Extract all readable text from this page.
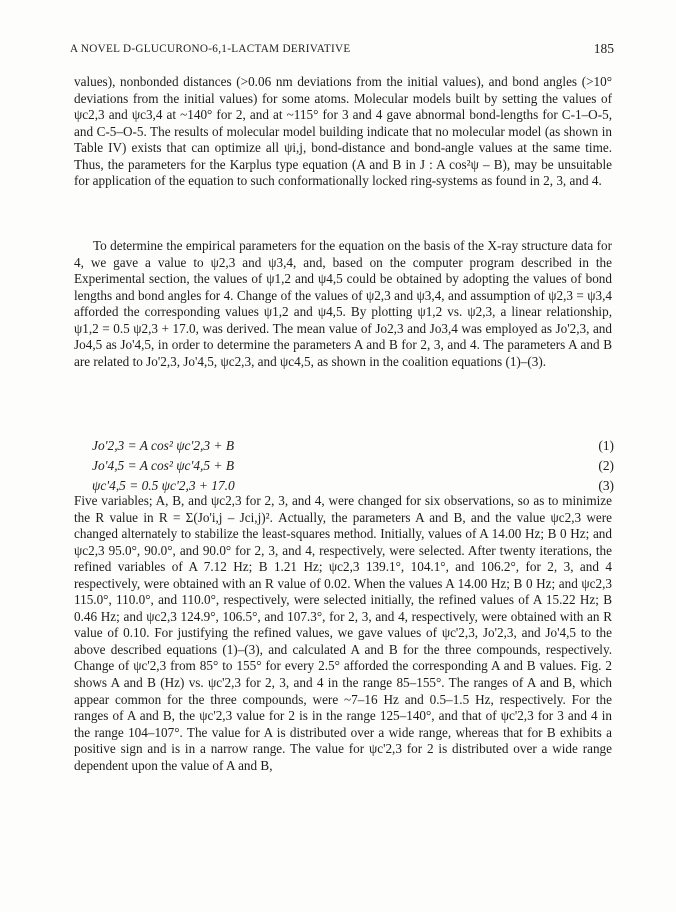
A NOVEL D-GLUCURONO-6,1-LACTAM DERIVATIVE	185

values), nonbonded distances (>0.06 nm deviations from the initial values), and bond angles (>10° deviations from the initial values) for some atoms. Molecular models built by setting the values of ψc2,3 and ψc3,4 at ~140° for 2, and at ~115° for 3 and 4 gave abnormal bond-lengths for C-1–O-5, and C-5–O-5. The results of molecular model building indicate that no molecular model (as shown in Table IV) exists that can optimize all ψi,j, bond-distance and bond-angle values at the same time. Thus, the parameters for the Karplus type equation (A and B in J : A cos²ψ – B), may be unsuitable for application of the equation to such conformationally locked ring-systems as found in 2, 3, and 4.

To determine the empirical parameters for the equation on the basis of the X-ray structure data for 4, we gave a value to ψ2,3 and ψ3,4, and, based on the computer program described in the Experimental section, the values of ψ1,2 and ψ4,5 could be obtained by adopting the values of bond lengths and bond angles for 4. Change of the values of ψ2,3 and ψ3,4, and assumption of ψ2,3 = ψ3,4 afforded the corresponding values ψ1,2 and ψ4,5. By plotting ψ1,2 vs. ψ2,3, a linear relationship, ψ1,2 = 0.5 ψ2,3 + 17.0, was derived. The mean value of Jo2,3 and Jo3,4 was employed as Jo'2,3, and Jo4,5 as Jo'4,5, in order to determine the parameters A and B for 2, 3, and 4. The parameters A and B are related to Jo'2,3, Jo'4,5, ψc2,3, and ψc4,5, as shown in the coalition equations (1)–(3).

Jo'2,3 = A cos² ψc'2,3 + B	(1)
Jo'4,5 = A cos² ψc'4,5 + B	(2)
ψc'4,5 = 0.5 ψc'2,3 + 17.0	(3)

Five variables; A, B, and ψc2,3 for 2, 3, and 4, were changed for six observations, so as to minimize the R value in R = Σ(Jo'i,j – Jci,j)². Actually, the parameters A and B, and the value ψc2,3 were changed alternately to stabilize the least-squares method. Initially, values of A 14.00 Hz; B 0 Hz; and ψc2,3 95.0°, 90.0°, and 90.0° for 2, 3, and 4, respectively, were selected. After twenty iterations, the refined variables of A 7.12 Hz; B 1.21 Hz; ψc2,3 139.1°, 104.1°, and 106.2°, for 2, 3, and 4 respectively, were obtained with an R value of 0.02. When the values A 14.00 Hz; B 0 Hz; and ψc2,3 115.0°, 110.0°, and 110.0°, respectively, were selected initially, the refined values of A 15.22 Hz; B 0.46 Hz; and ψc2,3 124.9°, 106.5°, and 107.3°, for 2, 3, and 4, respectively, were obtained with an R value of 0.10. For justifying the refined values, we gave values of ψc'2,3, Jo'2,3, and Jo'4,5 to the above described equations (1)–(3), and calculated A and B for the three compounds, respectively. Change of ψc'2,3 from 85° to 155° for every 2.5° afforded the corresponding A and B values. Fig. 2 shows A and B (Hz) vs. ψc'2,3 for 2, 3, and 4 in the range 85–155°. The ranges of A and B, which appear common for the three compounds, were ~7–16 Hz and 0.5–1.5 Hz, respectively. For the ranges of A and B, the ψc'2,3 value for 2 is in the range 125–140°, and that of ψc'2,3 for 3 and 4 in the range 104–107°. The value for A is distributed over a wide range, whereas that for B exhibits a positive sign and is in a narrow range. The value for ψc'2,3 for 2 is distributed over a wide range dependent upon the value of A and B,
